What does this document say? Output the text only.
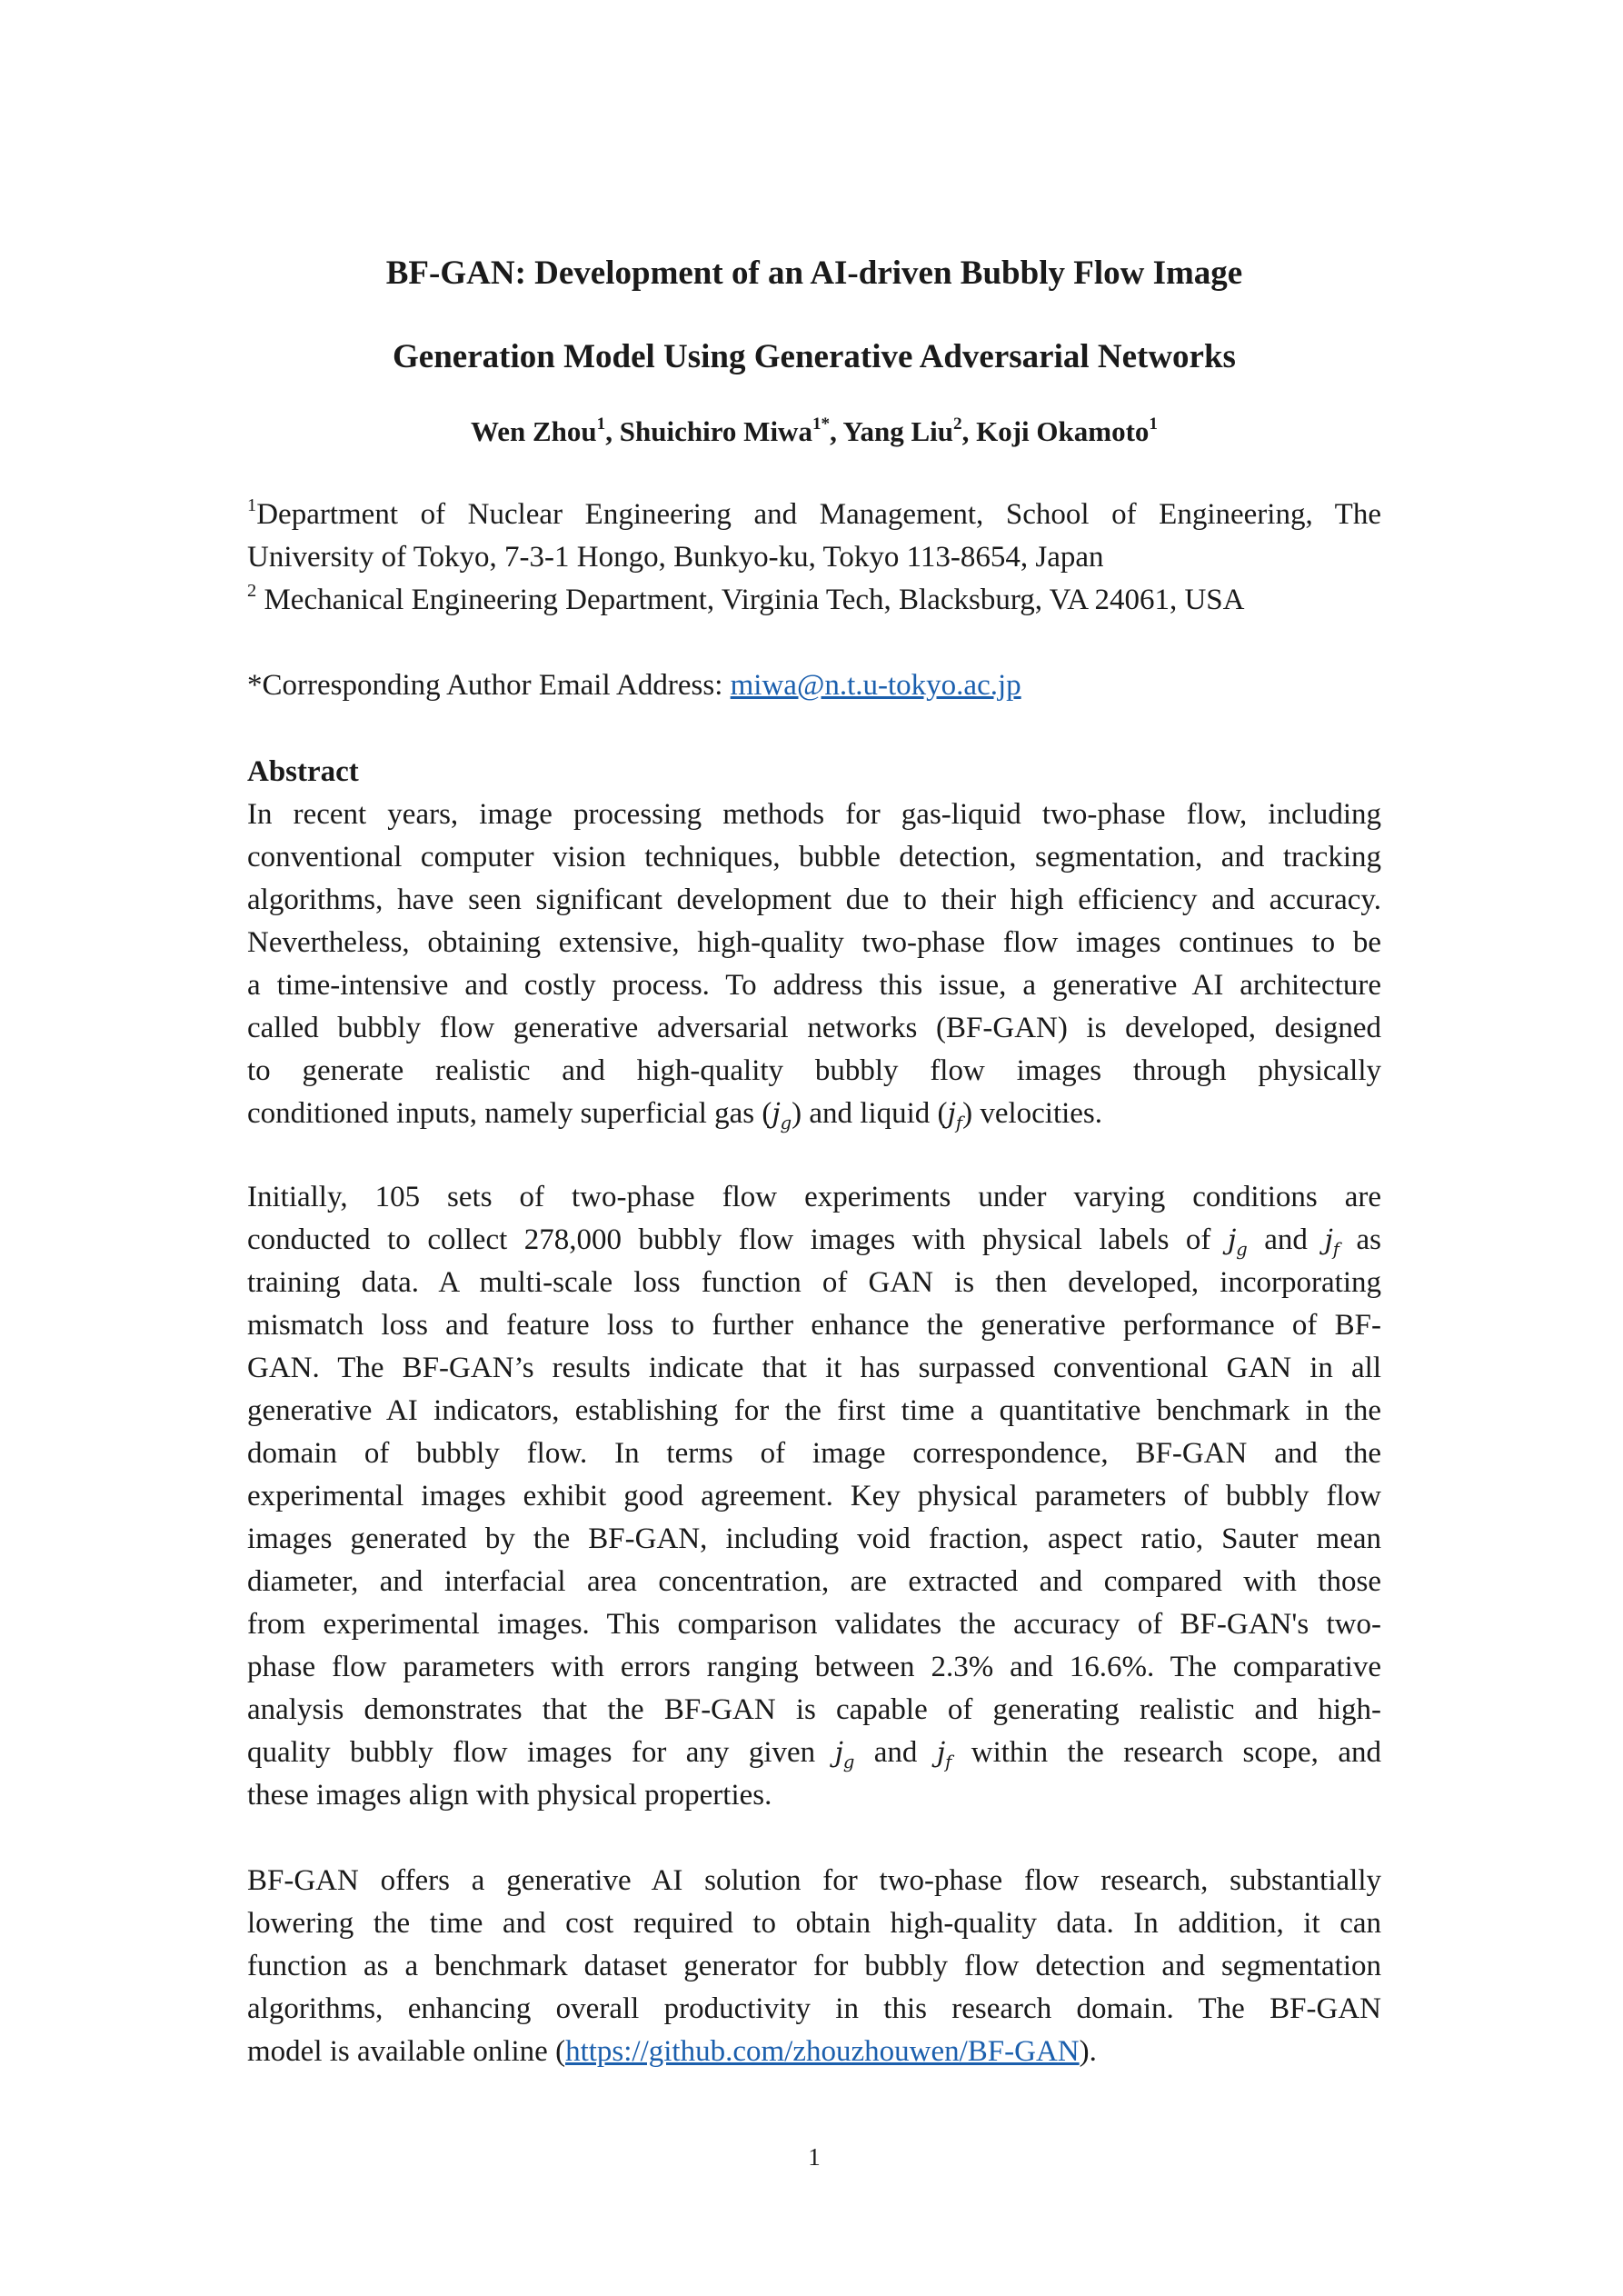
BF-GAN: Development of an AI-driven Bubbly Flow Image
Generation Model Using Generative Adversarial Networks
Wen Zhou$^1$, Shuichiro Miwa$^{1*}$, Yang Liu$^2$, Koji Okamoto$^1$
$^1$Department of Nuclear Engineering and Management, School of Engineering, The
University of Tokyo, 7-3-1 Hongo, Bunkyo-ku, Tokyo 113-8654, Japan
$^2$ Mechanical Engineering Department, Virginia Tech, Blacksburg, VA 24061, USA
*Corresponding Author Email Address: miwa@n.t.u-tokyo.ac.jp
Abstract
In recent years, image processing methods for gas-liquid two-phase flow, including
conventional computer vision techniques, bubble detection, segmentation, and tracking
algorithms, have seen significant development due to their high efficiency and accuracy.
Nevertheless, obtaining extensive, high-quality two-phase flow images continues to be
a time-intensive and costly process. To address this issue, a generative AI architecture
called bubbly flow generative adversarial networks (BF-GAN) is developed, designed
to generate realistic and high-quality bubbly flow images through physically
conditioned inputs, namely superficial gas $(j_g)$ and liquid $(j_f)$ velocities.
Initially, 105 sets of two-phase flow experiments under varying conditions are
conducted to collect 278,000 bubbly flow images with physical labels of $j_g$ and $j_f$ as
training data. A multi-scale loss function of GAN is then developed, incorporating
mismatch loss and feature loss to further enhance the generative performance of BF-
GAN. The BF-GAN’s results indicate that it has surpassed conventional GAN in all
generative AI indicators, establishing for the first time a quantitative benchmark in the
domain of bubbly flow. In terms of image correspondence, BF-GAN and the
experimental images exhibit good agreement. Key physical parameters of bubbly flow
images generated by the BF-GAN, including void fraction, aspect ratio, Sauter mean
diameter, and interfacial area concentration, are extracted and compared with those
from experimental images. This comparison validates the accuracy of BF-GAN's two-
phase flow parameters with errors ranging between 2.3% and 16.6%. The comparative
analysis demonstrates that the BF-GAN is capable of generating realistic and high-
quality bubbly flow images for any given $j_g$ and $j_f$ within the research scope, and
these images align with physical properties.
BF-GAN offers a generative AI solution for two-phase flow research, substantially
lowering the time and cost required to obtain high-quality data. In addition, it can
function as a benchmark dataset generator for bubbly flow detection and segmentation
algorithms, enhancing overall productivity in this research domain. The BF-GAN
model is available online (https://github.com/zhouzhouwen/BF-GAN).
1
